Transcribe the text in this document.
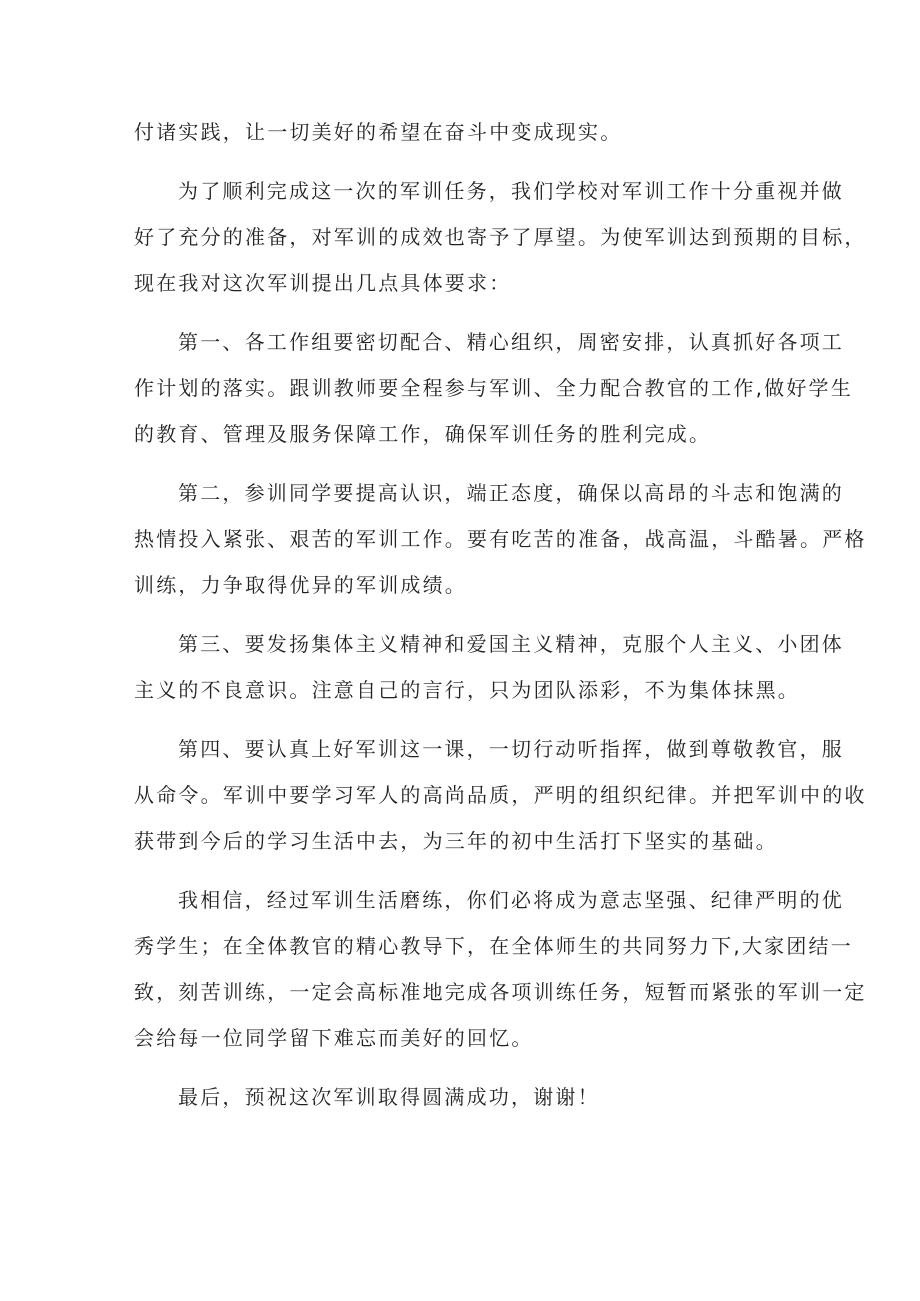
付诸实践，让一切美好的希望在奋斗中变成现实。
为了顺利完成这一次的军训任务，我们学校对军训工作十分重视并做
好了充分的准备，对军训的成效也寄予了厚望。为使军训达到预期的目标，
现在我对这次军训提出几点具体要求：
第一、各工作组要密切配合、精心组织，周密安排，认真抓好各项工
作计划的落实。跟训教师要全程参与军训、全力配合教官的工作,做好学生
的教育、管理及服务保障工作，确保军训任务的胜利完成。
第二，参训同学要提高认识，端正态度，确保以高昂的斗志和饱满的
热情投入紧张、艰苦的军训工作。要有吃苦的准备，战高温，斗酷暑。严格
训练，力争取得优异的军训成绩。
第三、要发扬集体主义精神和爱国主义精神，克服个人主义、小团体
主义的不良意识。注意自己的言行，只为团队添彩，不为集体抹黑。
第四、要认真上好军训这一课，一切行动听指挥，做到尊敬教官，服
从命令。军训中要学习军人的高尚品质，严明的组织纪律。并把军训中的收
获带到今后的学习生活中去，为三年的初中生活打下坚实的基础。
我相信，经过军训生活磨练，你们必将成为意志坚强、纪律严明的优
秀学生；在全体教官的精心教导下，在全体师生的共同努力下,大家团结一
致，刻苦训练，一定会高标准地完成各项训练任务，短暂而紧张的军训一定
会给每一位同学留下难忘而美好的回忆。
最后，预祝这次军训取得圆满成功，谢谢！
